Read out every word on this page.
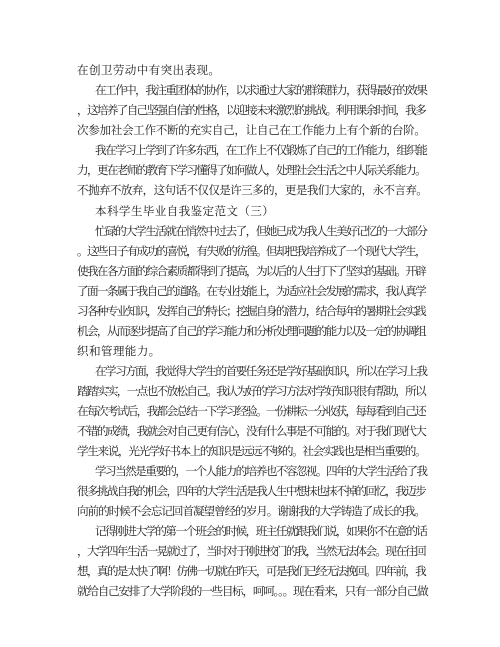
在创卫劳动中有突出表现。
在工作中，我注重团体的协作，以求通过大家的群策群力，获得最好的效果
，这培养了自己坚强自信的性格，以迎接未来激烈的挑战。利用课余时间，我多
次参加社会工作不断的充实自己，让自己在工作能力上有个新的台阶。
我在学习上学到了许多东西，在工作上不仅锻炼了自己的工作能力，组织能
力，更在老师的教育下学习懂得了如何做人，处理社会生活之中人际关系能力。
不抛弃不放弃，这句话不仅仅是许三多的，更是我们大家的，永不言弃。
本科学生毕业自我鉴定范文（三）
忙碌的大学生活就在悄然中过去了，但她已成为我人生美好记忆的一大部分
。这些日子有成功的喜悦，有失败的彷徨。但却把我培养成了一个现代大学生，
使我在各方面的综合素质都得到了提高，为以后的人生打下了坚实的基础。开辟
了面一条属于我自己的道路。在专业技能上，为适应社会发展的需求，我认真学
习各种专业知识，发挥自己的特长；挖掘自身的潜力，结合每年的暑期社会实践
机会，从而逐步提高了自己的学习能力和分析处理问题的能力以及一定的协调组
织和管理能力。
在学习方面，我觉得大学生的首要任务还是学好基础知识，所以在学习上我
踏踏实实，一点也不放松自己。我认为好的学习方法对学好知识很有帮助，所以
在每次考试后，我都会总结一下学习经验。一份耕耘一分收获，每每看到自己还
不错的成绩，我就会对自己更有信心，没有什么事是不可能的。对于我们现代大
学生来说，光光学好书本上的知识是远远不够的。社会实践也是相当重要的。
学习当然是重要的，一个人能力的培养也不容忽视。四年的大学生活给了我
很多挑战自我的机会，四年的大学生活是我人生中想抹也抹不掉的回忆，我迈步
向前的时候不会忘记回首凝望曾经的岁月。谢谢我的大学铸造了成长的我。
记得刚进大学的第一个班会的时候，班主任就跟我们说，如果你不在意的话
，大学四年生活一晃就过了，当时对于刚进校门的我，当然无法体会。现在往回
想，真的是太快了啊！仿佛一切就在昨天，可是我们已经无法挽回。四年前，我
就给自己安排了大学阶段的一些目标，呵呵。。。现在看来，只有一部分自己做
